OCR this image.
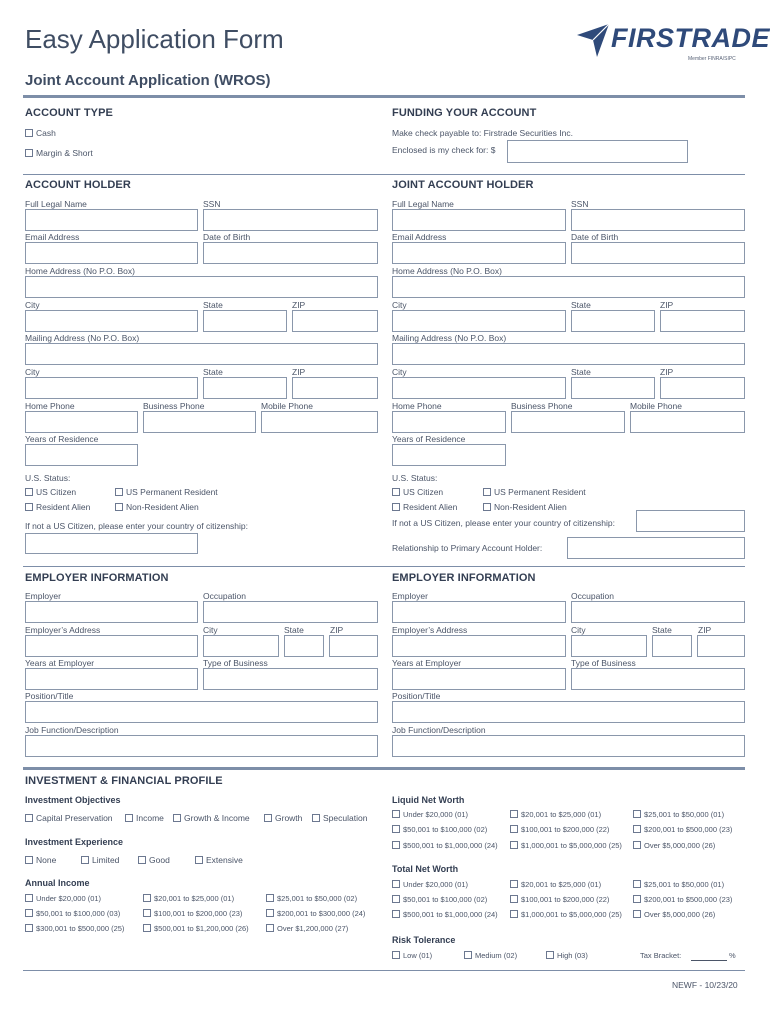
Easy Application Form	FIRSTRADE
Member FINRA/SIPC
Joint Account Application (WROS)
ACCOUNT TYPE
Cash
Margin & Short
FUNDING YOUR ACCOUNT
Make check payable to: Firstrade Securities Inc.
Enclosed is my check for: $
ACCOUNT HOLDER	JOINT ACCOUNT HOLDER
Full Legal Name	SSN
Email Address	Date of Birth
Home Address (No P.O. Box)
City	State	ZIP
Mailing Address (No P.O. Box)
City	State	ZIP
Home Phone	Business Phone	Mobile Phone
Years of Residence
U.S. Status:
US Citizen	US Permanent Resident
Resident Alien	Non-Resident Alien
If not a US Citizen, please enter your country of citizenship:
Full Legal Name	SSN
Email Address	Date of Birth
Home Address (No P.O. Box)
City	State	ZIP
Mailing Address (No P.O. Box)
City	State	ZIP
Home Phone	Business Phone	Mobile Phone
Years of Residence
U.S. Status:
US Citizen	US Permanent Resident
Resident Alien	Non-Resident Alien
If not a US Citizen, please enter your country of citizenship:
Relationship to Primary Account Holder:
EMPLOYER INFORMATION
Employer	Occupation
Employer’s Address	City	State	ZIP
Years at Employer	Type of Business
Position/Title
Job Function/Description
EMPLOYER INFORMATION
Employer	Occupation
Employer’s Address	City	State	ZIP
Years at Employer	Type of Business
Position/Title
Job Function/Description
INVESTMENT & FINANCIAL PROFILE
Investment Objectives
Capital Preservation	Income	Growth & Income	Growth	Speculation
Investment Experience
None	Limited	Good	Extensive
Annual Income
Under $20,000 (01)	$20,001 to $25,000 (01)	$25,001 to $50,000 (02)
$50,001 to $100,000 (03)	$100,001 to $200,000 (23)	$200,001 to $300,000 (24)
$300,001 to $500,000 (25)	$500,001 to $1,200,000 (26)	Over $1,200,000 (27)
Liquid Net Worth
Under $20,000 (01)	$20,001 to $25,000 (01)	$25,001 to $50,000 (01)
$50,001 to $100,000 (02)	$100,001 to $200,000 (22)	$200,001 to $500,000 (23)
$500,001 to $1,000,000 (24)	$1,000,001 to $5,000,000 (25)	Over $5,000,000 (26)
Total Net Worth
Under $20,000 (01)	$20,001 to $25,000 (01)	$25,001 to $50,000 (01)
$50,001 to $100,000 (02)	$100,001 to $200,000 (22)	$200,001 to $500,000 (23)
$500,001 to $1,000,000 (24)	$1,000,001 to $5,000,000 (25)	Over $5,000,000 (26)
Risk Tolerance
Low (01)	Medium (02)	High (03)	Tax Bracket:	%
NEWF - 10/23/20
